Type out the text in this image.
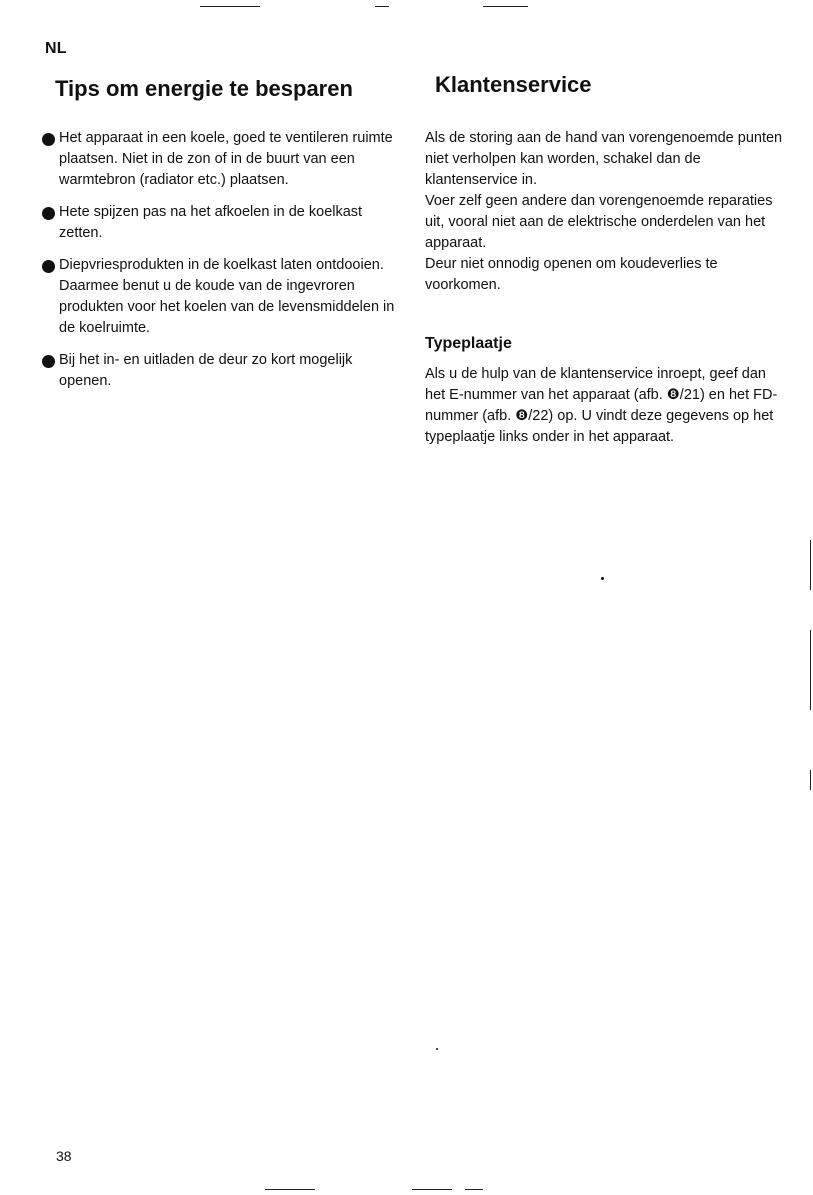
NL
Tips om energie te besparen	Klantenservice
Het apparaat in een koele, goed te ventileren ruimte plaatsen. Niet in de zon of in de buurt van een warmtebron (radiator etc.) plaatsen.
Hete spijzen pas na het afkoelen in de koelkast zetten.
Diepvriesprodukten in de koelkast laten ontdooien. Daarmee benut u de koude van de ingevroren produkten voor het koelen van de levensmiddelen in de koelruimte.
Bij het in- en uitladen de deur zo kort mogelijk openen.

Als de storing aan de hand van vorengenoemde punten niet verholpen kan worden, schakel dan de klantenservice in.

Voer zelf geen andere dan vorengenoemde reparaties uit, vooral niet aan de elektrische onderdelen van het apparaat.

Deur niet onnodig openen om koudeverlies te voorkomen.

Typeplaatje

Als u de hulp van de klantenservice inroept, geef dan het E-nummer van het apparaat (afb. ❽/21) en het FD-nummer (afb. ❽/22) op. U vindt deze gegevens op het typeplaatje links onder in het apparaat.

38
